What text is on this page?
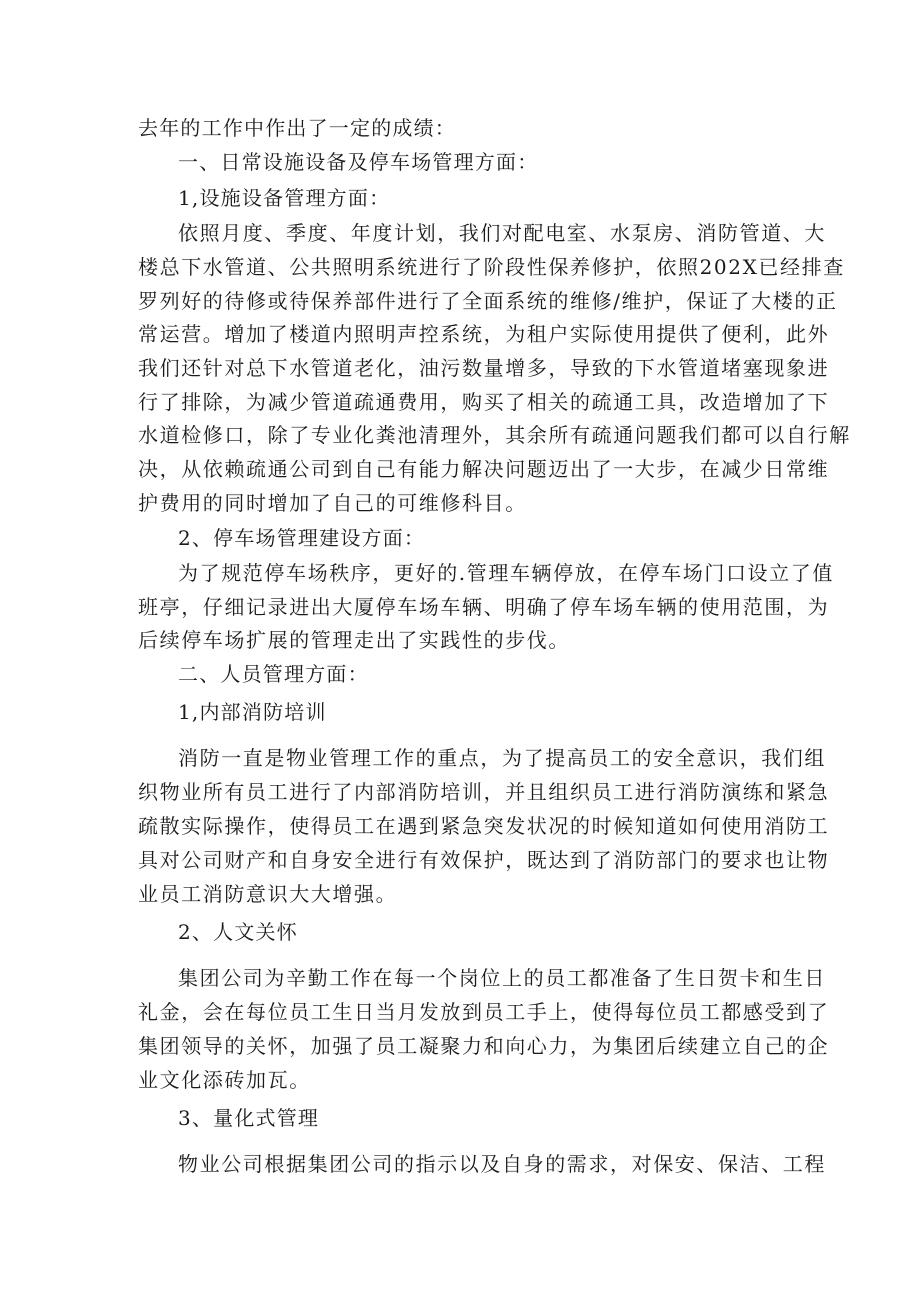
去年的工作中作出了一定的成绩：
一、日常设施设备及停车场管理方面：
1,设施设备管理方面：
依照月度、季度、年度计划，我们对配电室、水泵房、消防管道、大
楼总下水管道、公共照明系统进行了阶段性保养修护，依照202X已经排查
罗列好的待修或待保养部件进行了全面系统的维修/维护，保证了大楼的正
常运营。增加了楼道内照明声控系统，为租户实际使用提供了便利，此外
我们还针对总下水管道老化，油污数量增多，导致的下水管道堵塞现象进
行了排除，为减少管道疏通费用，购买了相关的疏通工具，改造增加了下
水道检修口，除了专业化粪池清理外，其余所有疏通问题我们都可以自行解
决，从依赖疏通公司到自己有能力解决问题迈出了一大步，在减少日常维
护费用的同时增加了自己的可维修科目。
2、停车场管理建设方面：
为了规范停车场秩序，更好的.管理车辆停放，在停车场门口设立了值
班亭，仔细记录进出大厦停车场车辆、明确了停车场车辆的使用范围，为
后续停车场扩展的管理走出了实践性的步伐。
二、人员管理方面：
1,内部消防培训
消防一直是物业管理工作的重点，为了提高员工的安全意识，我们组
织物业所有员工进行了内部消防培训，并且组织员工进行消防演练和紧急
疏散实际操作，使得员工在遇到紧急突发状况的时候知道如何使用消防工
具对公司财产和自身安全进行有效保护，既达到了消防部门的要求也让物
业员工消防意识大大增强。
2、人文关怀
集团公司为辛勤工作在每一个岗位上的员工都准备了生日贺卡和生日
礼金，会在每位员工生日当月发放到员工手上，使得每位员工都感受到了
集团领导的关怀，加强了员工凝聚力和向心力，为集团后续建立自己的企
业文化添砖加瓦。
3、量化式管理
物业公司根据集团公司的指示以及自身的需求，对保安、保洁、工程
